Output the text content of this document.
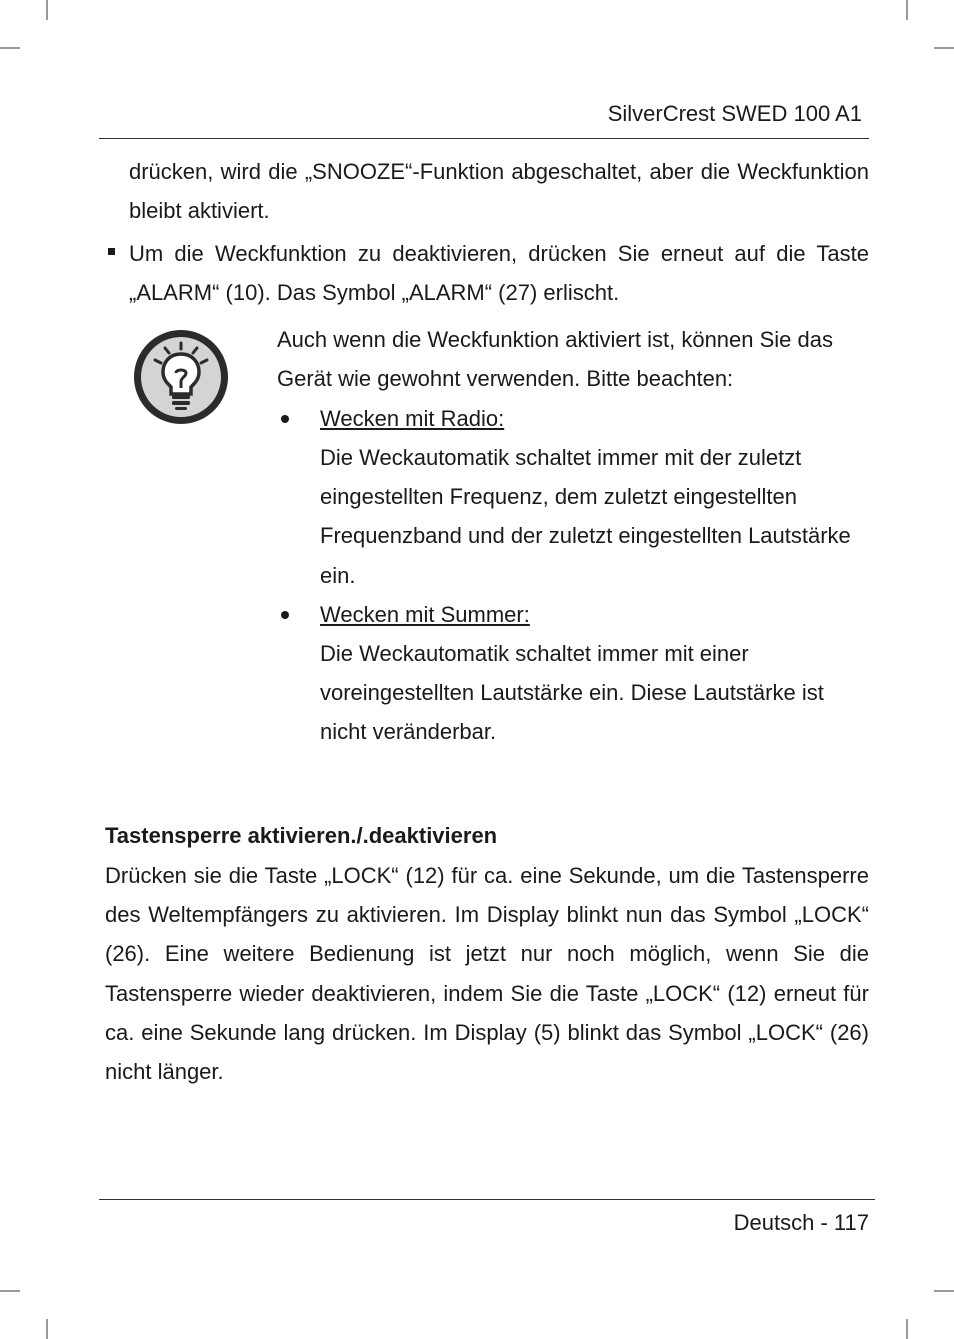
SilverCrest SWED 100 A1
drücken, wird die „SNOOZE“-Funktion abgeschaltet, aber die Weckfunktion bleibt aktiviert.
Um die Weckfunktion zu deaktivieren, drücken Sie erneut auf die Taste „ALARM“ (10). Das Symbol „ALARM“ (27) erlischt.
Auch wenn die Weckfunktion aktiviert ist, können Sie das Gerät wie gewohnt verwenden. Bitte beachten:
Wecken mit Radio:
Die Weckautomatik schaltet immer mit der zuletzt eingestellten Frequenz, dem zuletzt eingestellten Frequenzband und der zuletzt eingestellten Lautstärke ein.
Wecken mit Summer:
Die Weckautomatik schaltet immer mit einer voreingestellten Lautstärke ein. Diese Lautstärke ist nicht veränderbar.
Tastensperre aktivieren./.deaktivieren
Drücken sie die Taste „LOCK“ (12) für ca. eine Sekunde, um die Tastensperre des Weltempfängers zu aktivieren. Im Display blinkt nun das Symbol „LOCK“ (26). Eine weitere Bedienung ist jetzt nur noch möglich, wenn Sie die Tastensperre wieder deaktivieren, indem Sie die Taste „LOCK“ (12) erneut für ca. eine Sekunde lang drücken. Im Display (5) blinkt das Symbol „LOCK“ (26) nicht länger.
Deutsch - 117
